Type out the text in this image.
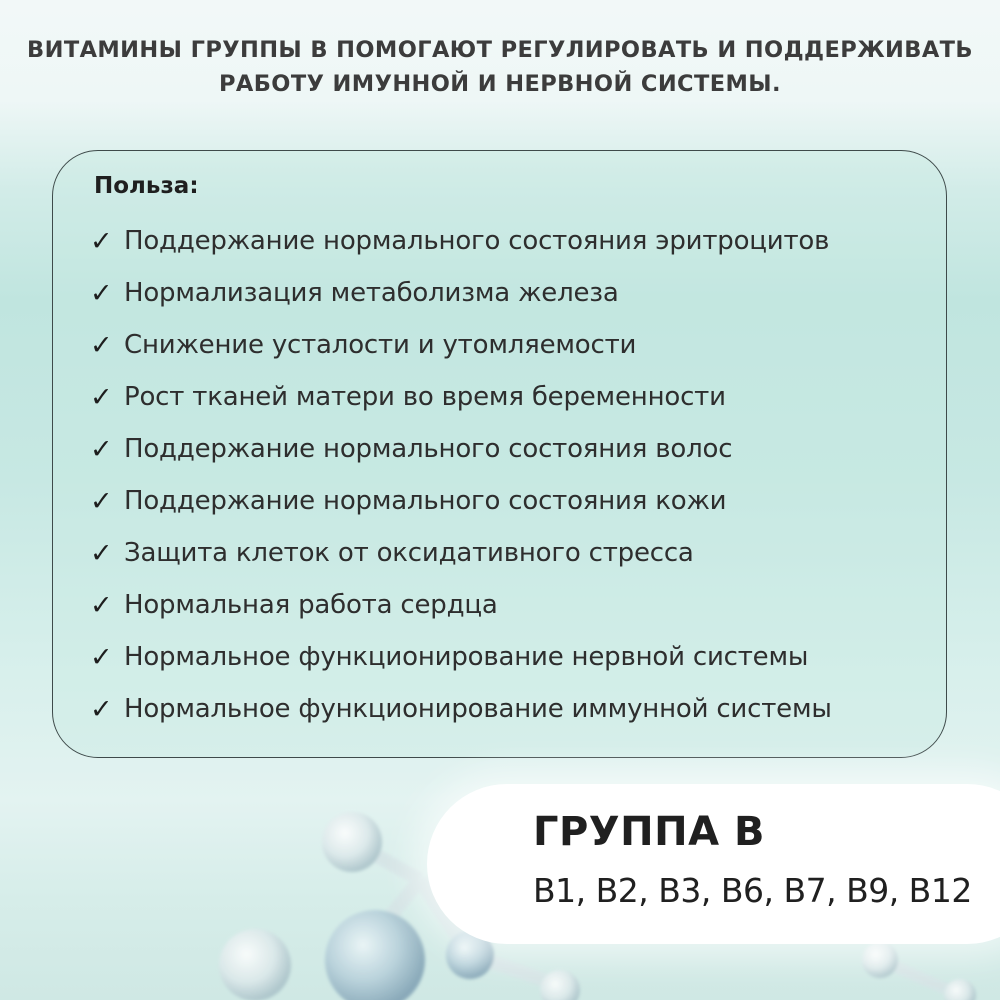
ВИТАМИНЫ ГРУППЫ В ПОМОГАЮТ РЕГУЛИРОВАТЬ И ПОДДЕРЖИВАТЬ
РАБОТУ ИМУННОЙ И НЕРВНОЙ СИСТЕМЫ.
Польза:
✓ Поддержание нормального состояния эритроцитов
✓ Нормализация метаболизма железа
✓ Снижение усталости и утомляемости
✓ Рост тканей матери во время беременности
✓ Поддержание нормального состояния волос
✓ Поддержание нормального состояния кожи
✓ Защита клеток от оксидативного стресса
✓ Нормальная работа сердца
✓ Нормальное функционирование нервной системы
✓ Нормальное функционирование иммунной системы
ГРУППА В
В1, В2, В3, В6, В7, В9, В12
